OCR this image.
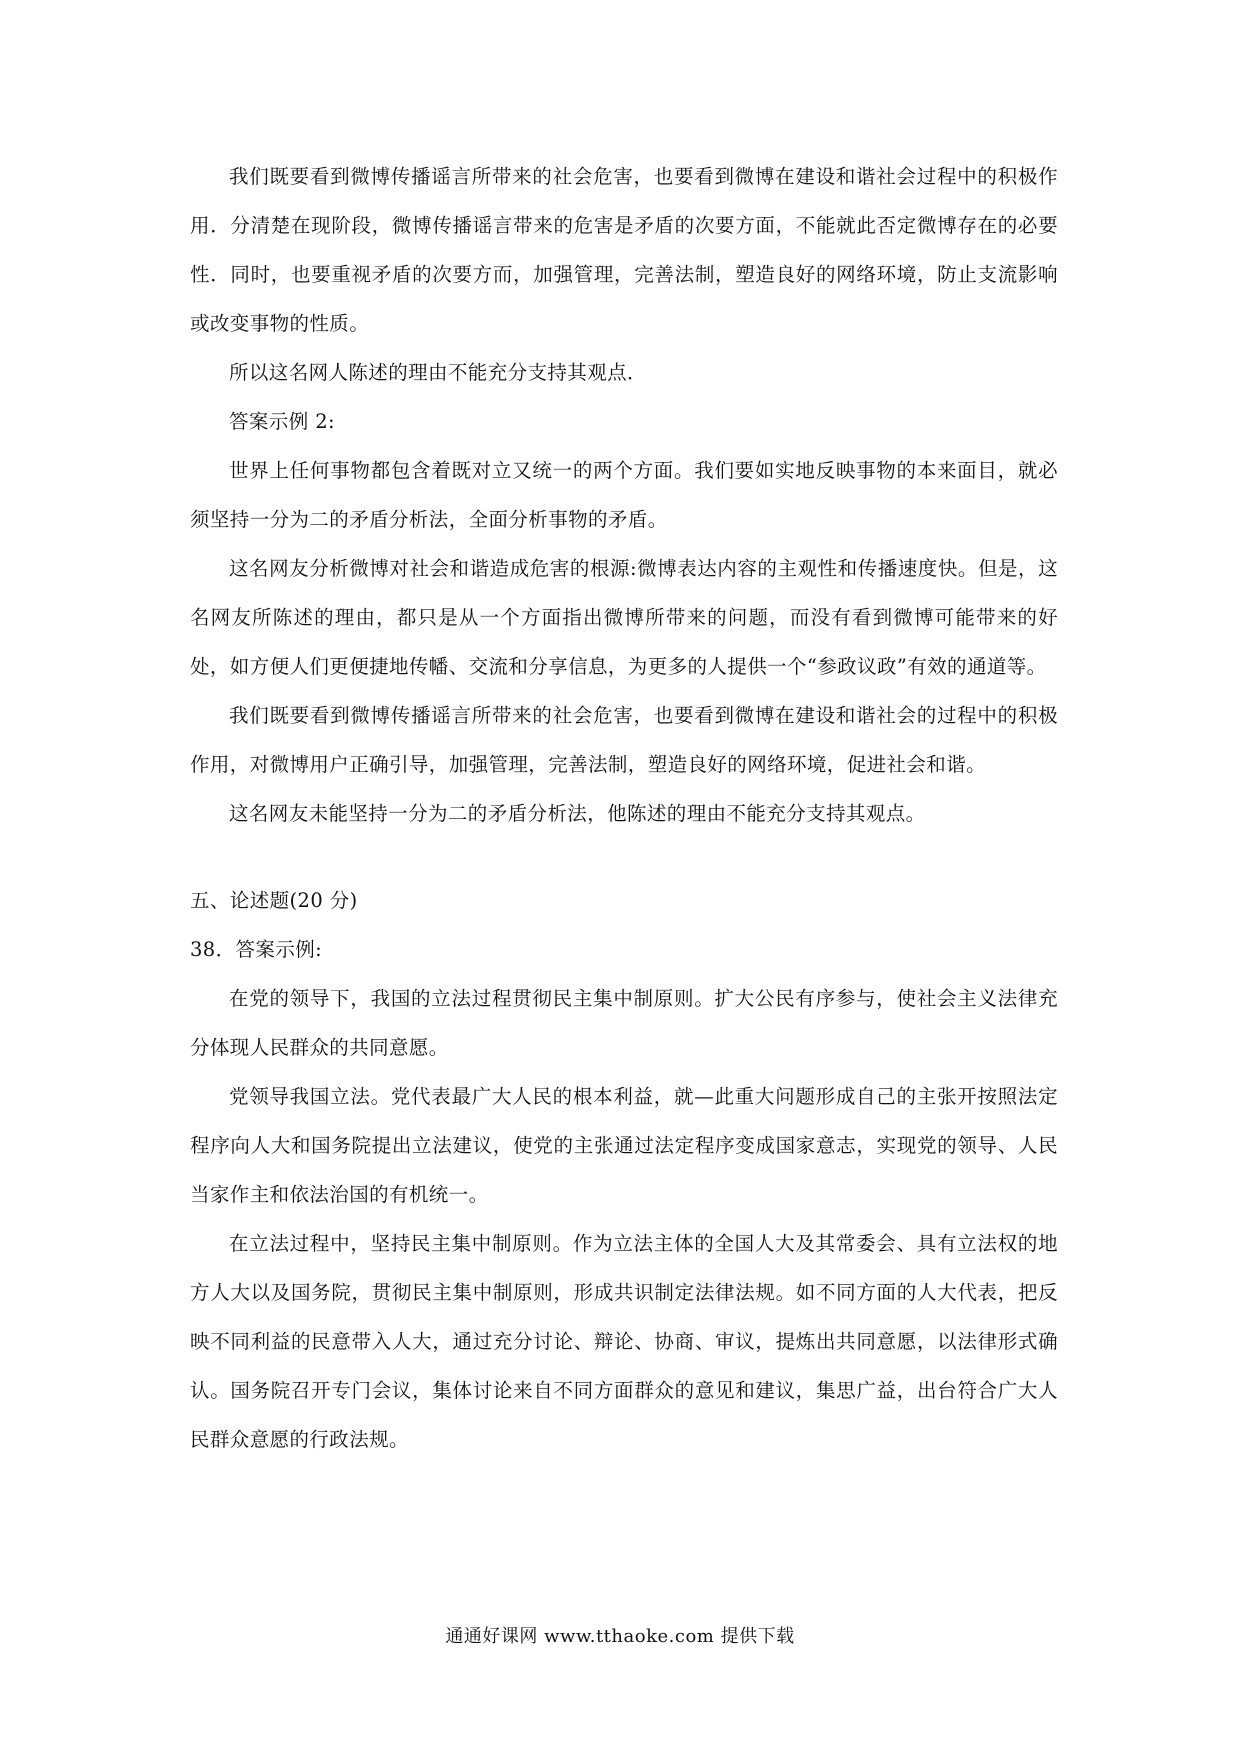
我们既要看到微博传播谣言所带来的社会危害，也要看到微博在建设和谐社会过程中的积极作用．分清楚在现阶段，微博传播谣言带来的危害是矛盾的次要方面，不能就此否定微博存在的必要性．同时，也要重视矛盾的次要方而，加强管理，完善法制，塑造良好的网络环境，防止支流影响或改变事物的性质。

所以这名网人陈述的理由不能充分支持其观点．

答案示例 2:

世界上任何事物都包含着既对立又统一的两个方面。我们要如实地反映事物的本来面目，就必须坚持一分为二的矛盾分析法，全面分析事物的矛盾。

这名网友分析微博对社会和谐造成危害的根源:微博表达内容的主观性和传播速度快。但是，这名网友所陈述的理由，都只是从一个方面指出微博所带来的问题，而没有看到微博可能带来的好处，如方便人们更便捷地传幡、交流和分享信息，为更多的人提供一个“参政议政”有效的通道等。

我们既要看到微博传播谣言所带来的社会危害，也要看到微博在建设和谐社会的过程中的积极作用，对微博用户正确引导，加强管理，完善法制，塑造良好的网络环境，促进社会和谐。

这名网友未能坚持一分为二的矛盾分析法，他陈述的理由不能充分支持其观点。

五、论述题(20 分)

38．答案示例:

在党的领导下，我国的立法过程贯彻民主集中制原则。扩大公民有序参与，使社会主义法律充分体现人民群众的共同意愿。

党领导我国立法。党代表最广大人民的根本利益，就—此重大问题形成自己的主张开按照法定程序向人大和国务院提出立法建议，使党的主张通过法定程序变成国家意志，实现党的领导、人民当家作主和依法治国的有机统一。

在立法过程中，坚持民主集中制原则。作为立法主体的全国人大及其常委会、具有立法权的地方人大以及国务院，贯彻民主集中制原则，形成共识制定法律法规。如不同方面的人大代表，把反映不同利益的民意带入人大，通过充分讨论、辩论、协商、审议，提炼出共同意愿，以法律形式确认。国务院召开专门会议，集体讨论来自不同方面群众的意见和建议，集思广益，出台符合广大人民群众意愿的行政法规。

通通好课网 www.tthaoke.com 提供下载
